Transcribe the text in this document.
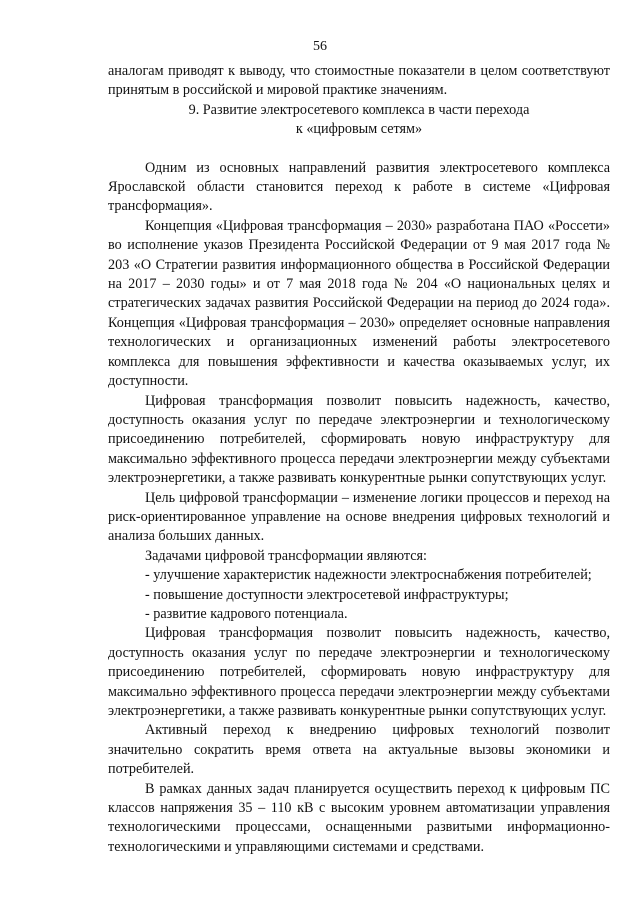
56

аналогам приводят к выводу, что стоимостные показатели в целом соответствуют принятым в российской и мировой практике значениям.

9. Развитие электросетевого комплекса в части перехода
к «цифровым сетям»

Одним из основных направлений развития электросетевого комплекса Ярославской области становится переход к работе в системе «Цифровая трансформация».

Концепция «Цифровая трансформация – 2030» разработана ПАО «Россети» во исполнение указов Президента Российской Федерации от 9 мая 2017 года № 203 «О Стратегии развития информационного общества в Российской Федерации на 2017 – 2030 годы» и от 7 мая 2018 года № 204 «О национальных целях и стратегических задачах развития Российской Федерации на период до 2024 года». Концепция «Цифровая трансформация – 2030» определяет основные направления технологических и организационных изменений работы электросетевого комплекса для повышения эффективности и качества оказываемых услуг, их доступности.

Цифровая трансформация позволит повысить надежность, качество, доступность оказания услуг по передаче электроэнергии и технологическому присоединению потребителей, сформировать новую инфраструктуру для максимально эффективного процесса передачи электроэнергии между субъектами электроэнергетики, а также развивать конкурентные рынки сопутствующих услуг.

Цель цифровой трансформации – изменение логики процессов и переход на риск-ориентированное управление на основе внедрения цифровых технологий и анализа больших данных.

Задачами цифровой трансформации являются:

- улучшение характеристик надежности электроснабжения потребителей;

- повышение доступности электросетевой инфраструктуры;

- развитие кадрового потенциала.

Цифровая трансформация позволит повысить надежность, качество, доступность оказания услуг по передаче электроэнергии и технологическому присоединению потребителей, сформировать новую инфраструктуру для максимально эффективного процесса передачи электроэнергии между субъектами электроэнергетики, а также развивать конкурентные рынки сопутствующих услуг.

Активный переход к внедрению цифровых технологий позволит значительно сократить время ответа на актуальные вызовы экономики и потребителей.

В рамках данных задач планируется осуществить переход к цифровым ПС классов напряжения 35 – 110 кВ с высоким уровнем автоматизации управления технологическими процессами, оснащенными развитыми информационно-технологическими и управляющими системами и средствами.
